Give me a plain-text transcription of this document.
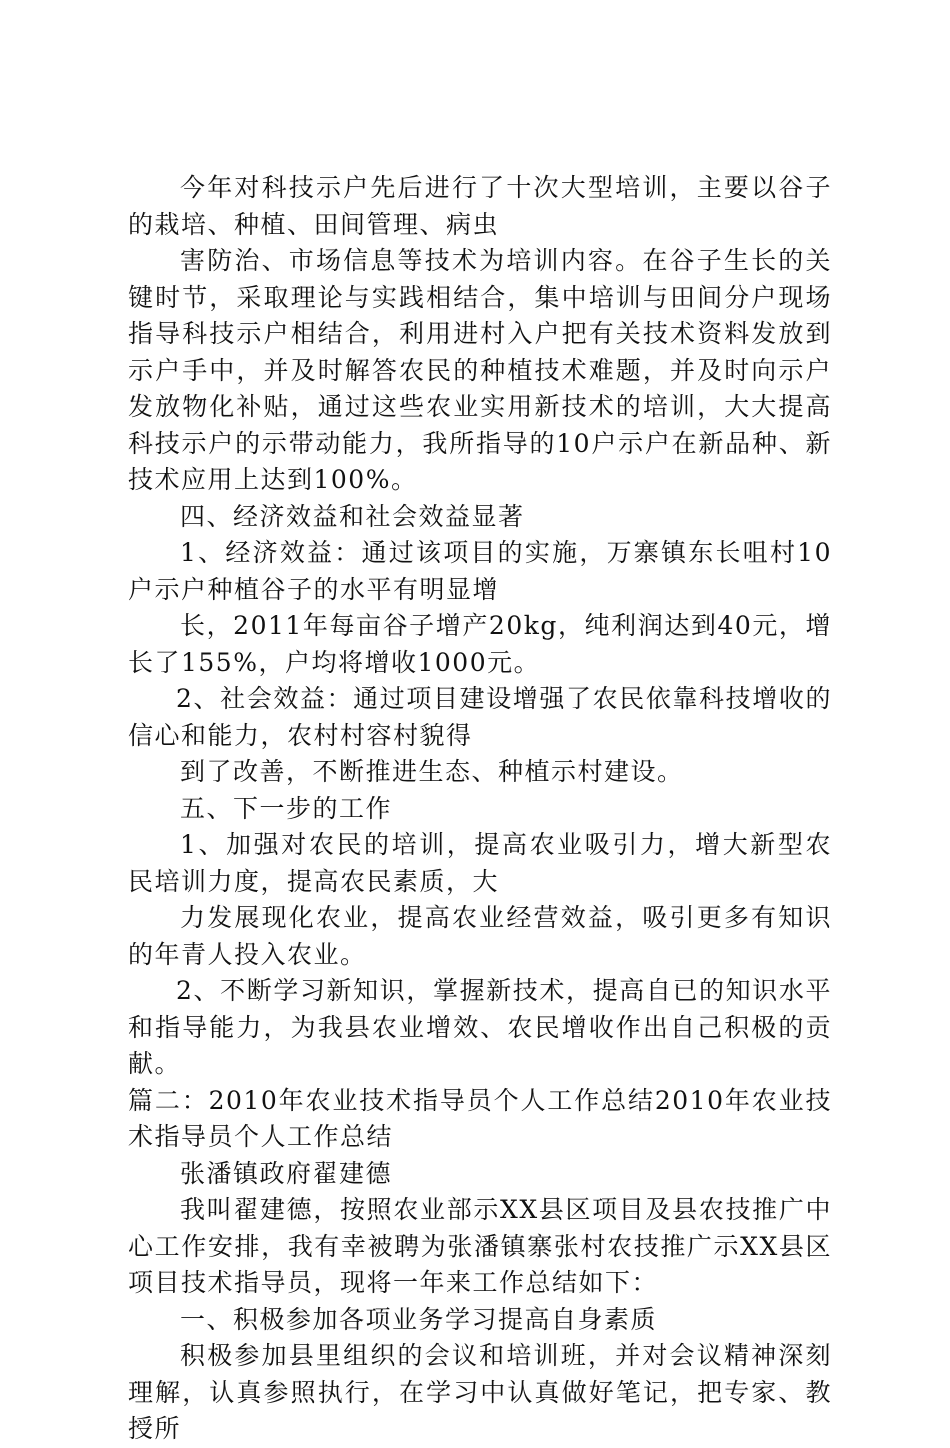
今年对科技示户先后进行了十次大型培训，主要以谷子的栽培、种植、田间管理、病虫

害防治、市场信息等技术为培训内容。在谷子生长的关键时节，采取理论与实践相结合，集中培训与田间分户现场指导科技示户相结合，利用进村入户把有关技术资料发放到示户手中，并及时解答农民的种植技术难题，并及时向示户发放物化补贴，通过这些农业实用新技术的培训，大大提高科技示户的示带动能力，我所指导的10户示户在新品种、新技术应用上达到100%。

四、经济效益和社会效益显著

1、经济效益：通过该项目的实施，万寨镇东长咀村10户示户种植谷子的水平有明显增

长，2011年每亩谷子增产20kg，纯利润达到40元，增长了155%，户均将增收1000元。

2、社会效益：通过项目建设增强了农民依靠科技增收的信心和能力，农村村容村貌得

到了改善，不断推进生态、种植示村建设。

五、下一步的工作

1、加强对农民的培训，提高农业吸引力，增大新型农民培训力度，提高农民素质，大

力发展现化农业，提高农业经营效益，吸引更多有知识的年青人投入农业。

2、不断学习新知识，掌握新技术，提高自已的知识水平和指导能力，为我县农业增效、农民增收作出自己积极的贡献。

篇二：2010年农业技术指导员个人工作总结2010年农业技术指导员个人工作总结

张潘镇政府翟建德

我叫翟建德，按照农业部示XX县区项目及县农技推广中心工作安排，我有幸被聘为张潘镇寨张村农技推广示XX县区项目技术指导员，现将一年来工作总结如下：

一、积极参加各项业务学习提高自身素质

积极参加县里组织的会议和培训班，并对会议精神深刻理解，认真参照执行，在学习中认真做好笔记，把专家、教授所
